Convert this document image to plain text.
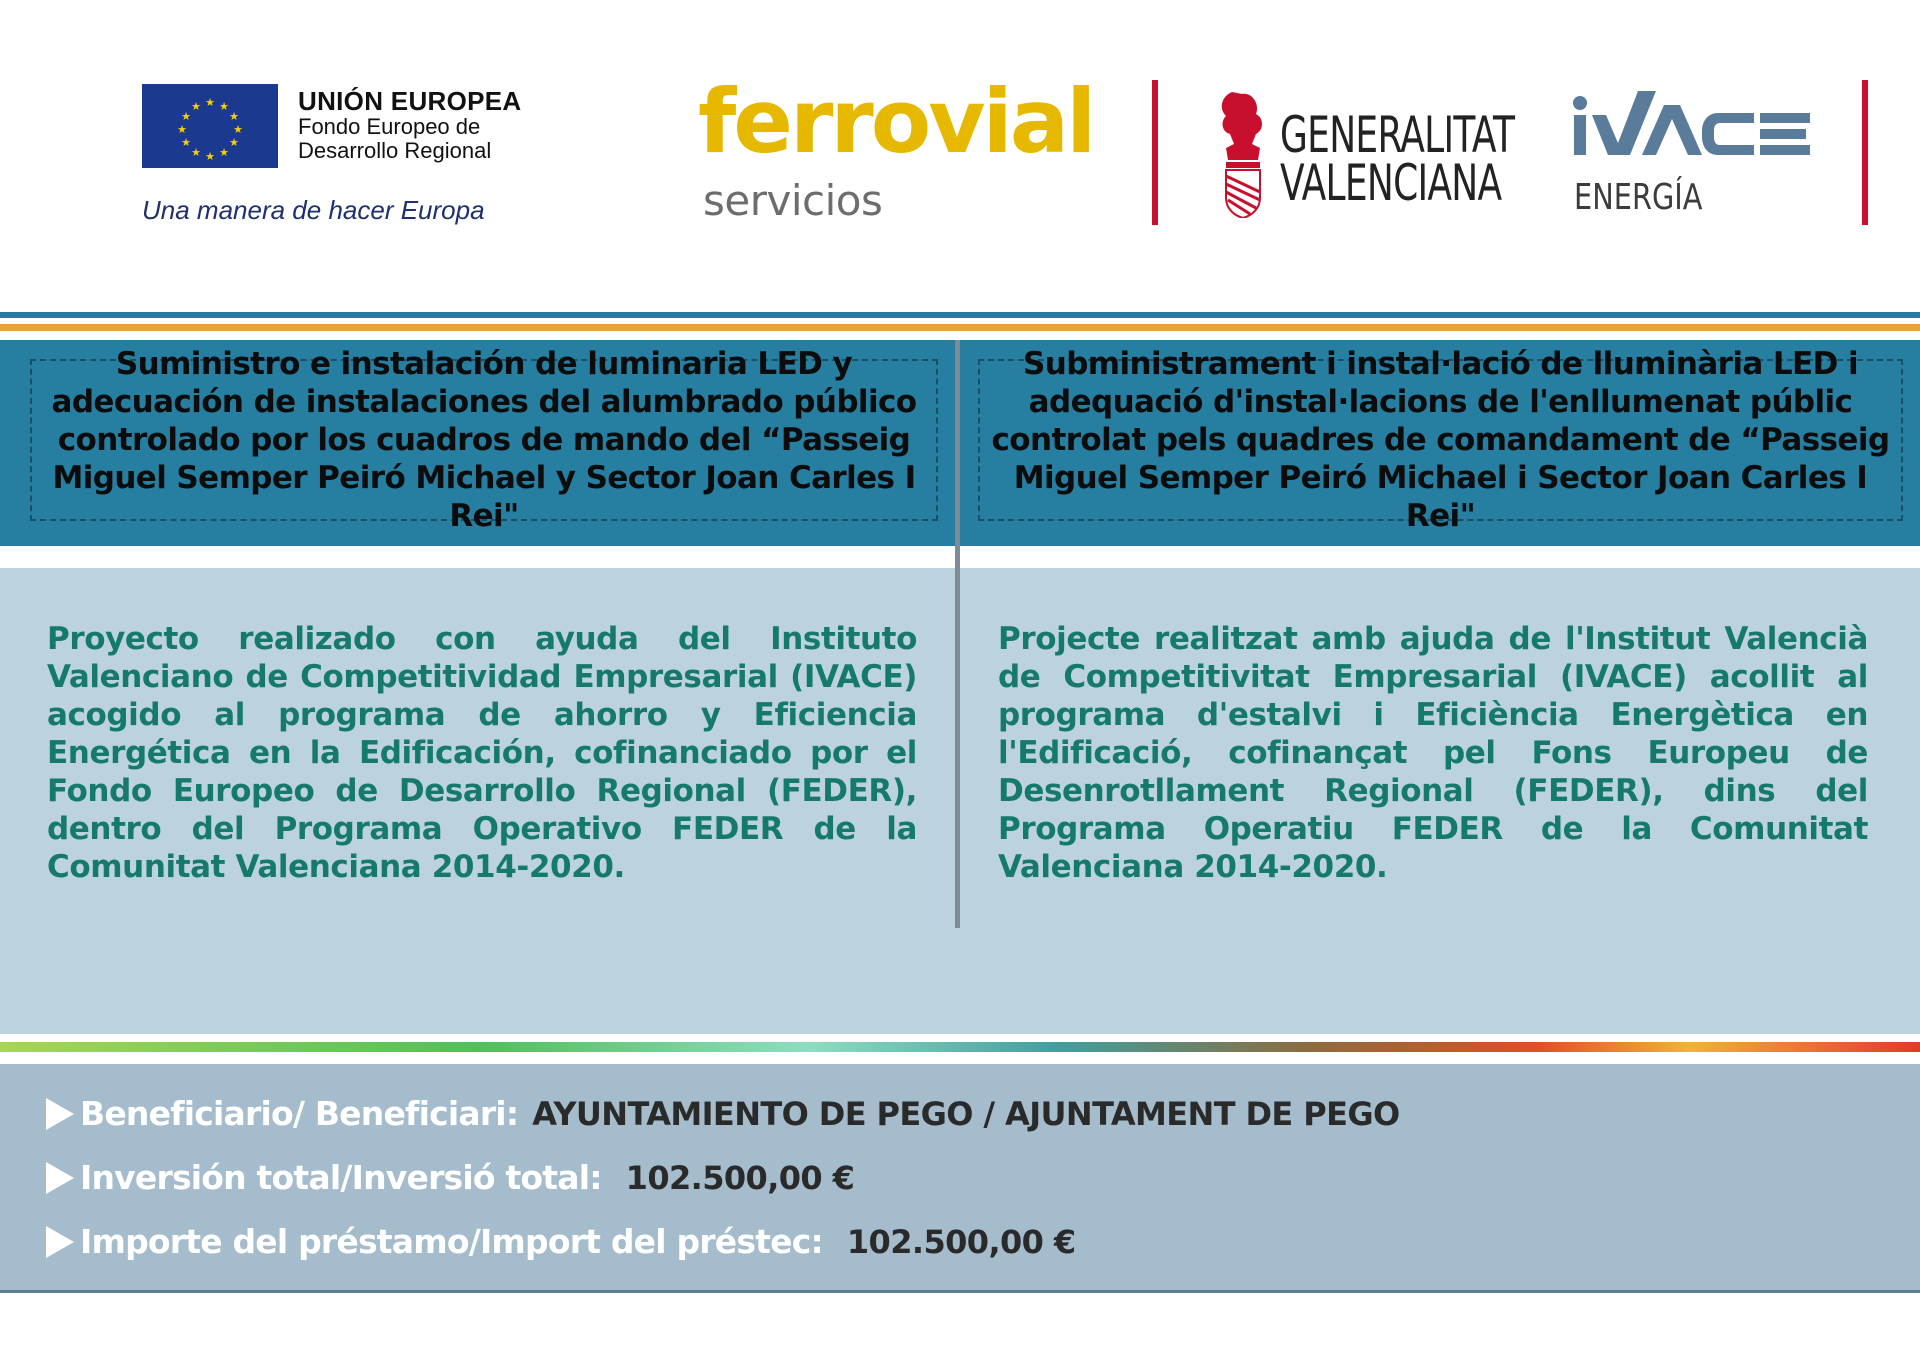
★ ★
★
★
★
★
★
★
★
★
★
★	UNIÓN EUROPEA
Fondo Europeo de
Desarrollo Regional
Una manera de hacer Europa
ferrovial
servicios
GENERALITAT
VALENCIANA ENERGÍA
Suministro e instalación de luminaria LED y adecuación de instalaciones del alumbrado público controlado por los cuadros de mando del “Passeig Miguel Semper Peiró Michael y Sector Joan Carles I Rei"
Subministrament i instal·lació de lluminària LED i adequació d'instal·lacions de l'enllumenat públic controlat pels quadres de comandament de “Passeig Miguel Semper Peiró Michael i Sector Joan Carles I Rei"
Proyecto realizado con ayuda del Instituto Valenciano de Competitividad Empresarial (IVACE) acogido al programa de ahorro y Eficiencia Energética en la Edificación, cofinanciado por el Fondo Europeo de Desarrollo Regional (FEDER), dentro del Programa Operativo FEDER de la Comunitat Valenciana 2014-2020.
Projecte realitzat amb ajuda de l'Institut Valencià de Competitivitat Empresarial (IVACE) acollit al programa d'estalvi i Eficiència Energètica en l'Edificació, cofinançat pel Fons Europeu de Desenrotllament Regional (FEDER), dins del Programa Operatiu FEDER de la Comunitat Valenciana 2014-2020.
Beneficiario/ Beneficiari: AYUNTAMIENTO DE PEGO / AJUNTAMENT DE PEGO
Inversión total/Inversió total: 102.500,00 €
Importe del préstamo/Import del préstec: 102.500,00 €
